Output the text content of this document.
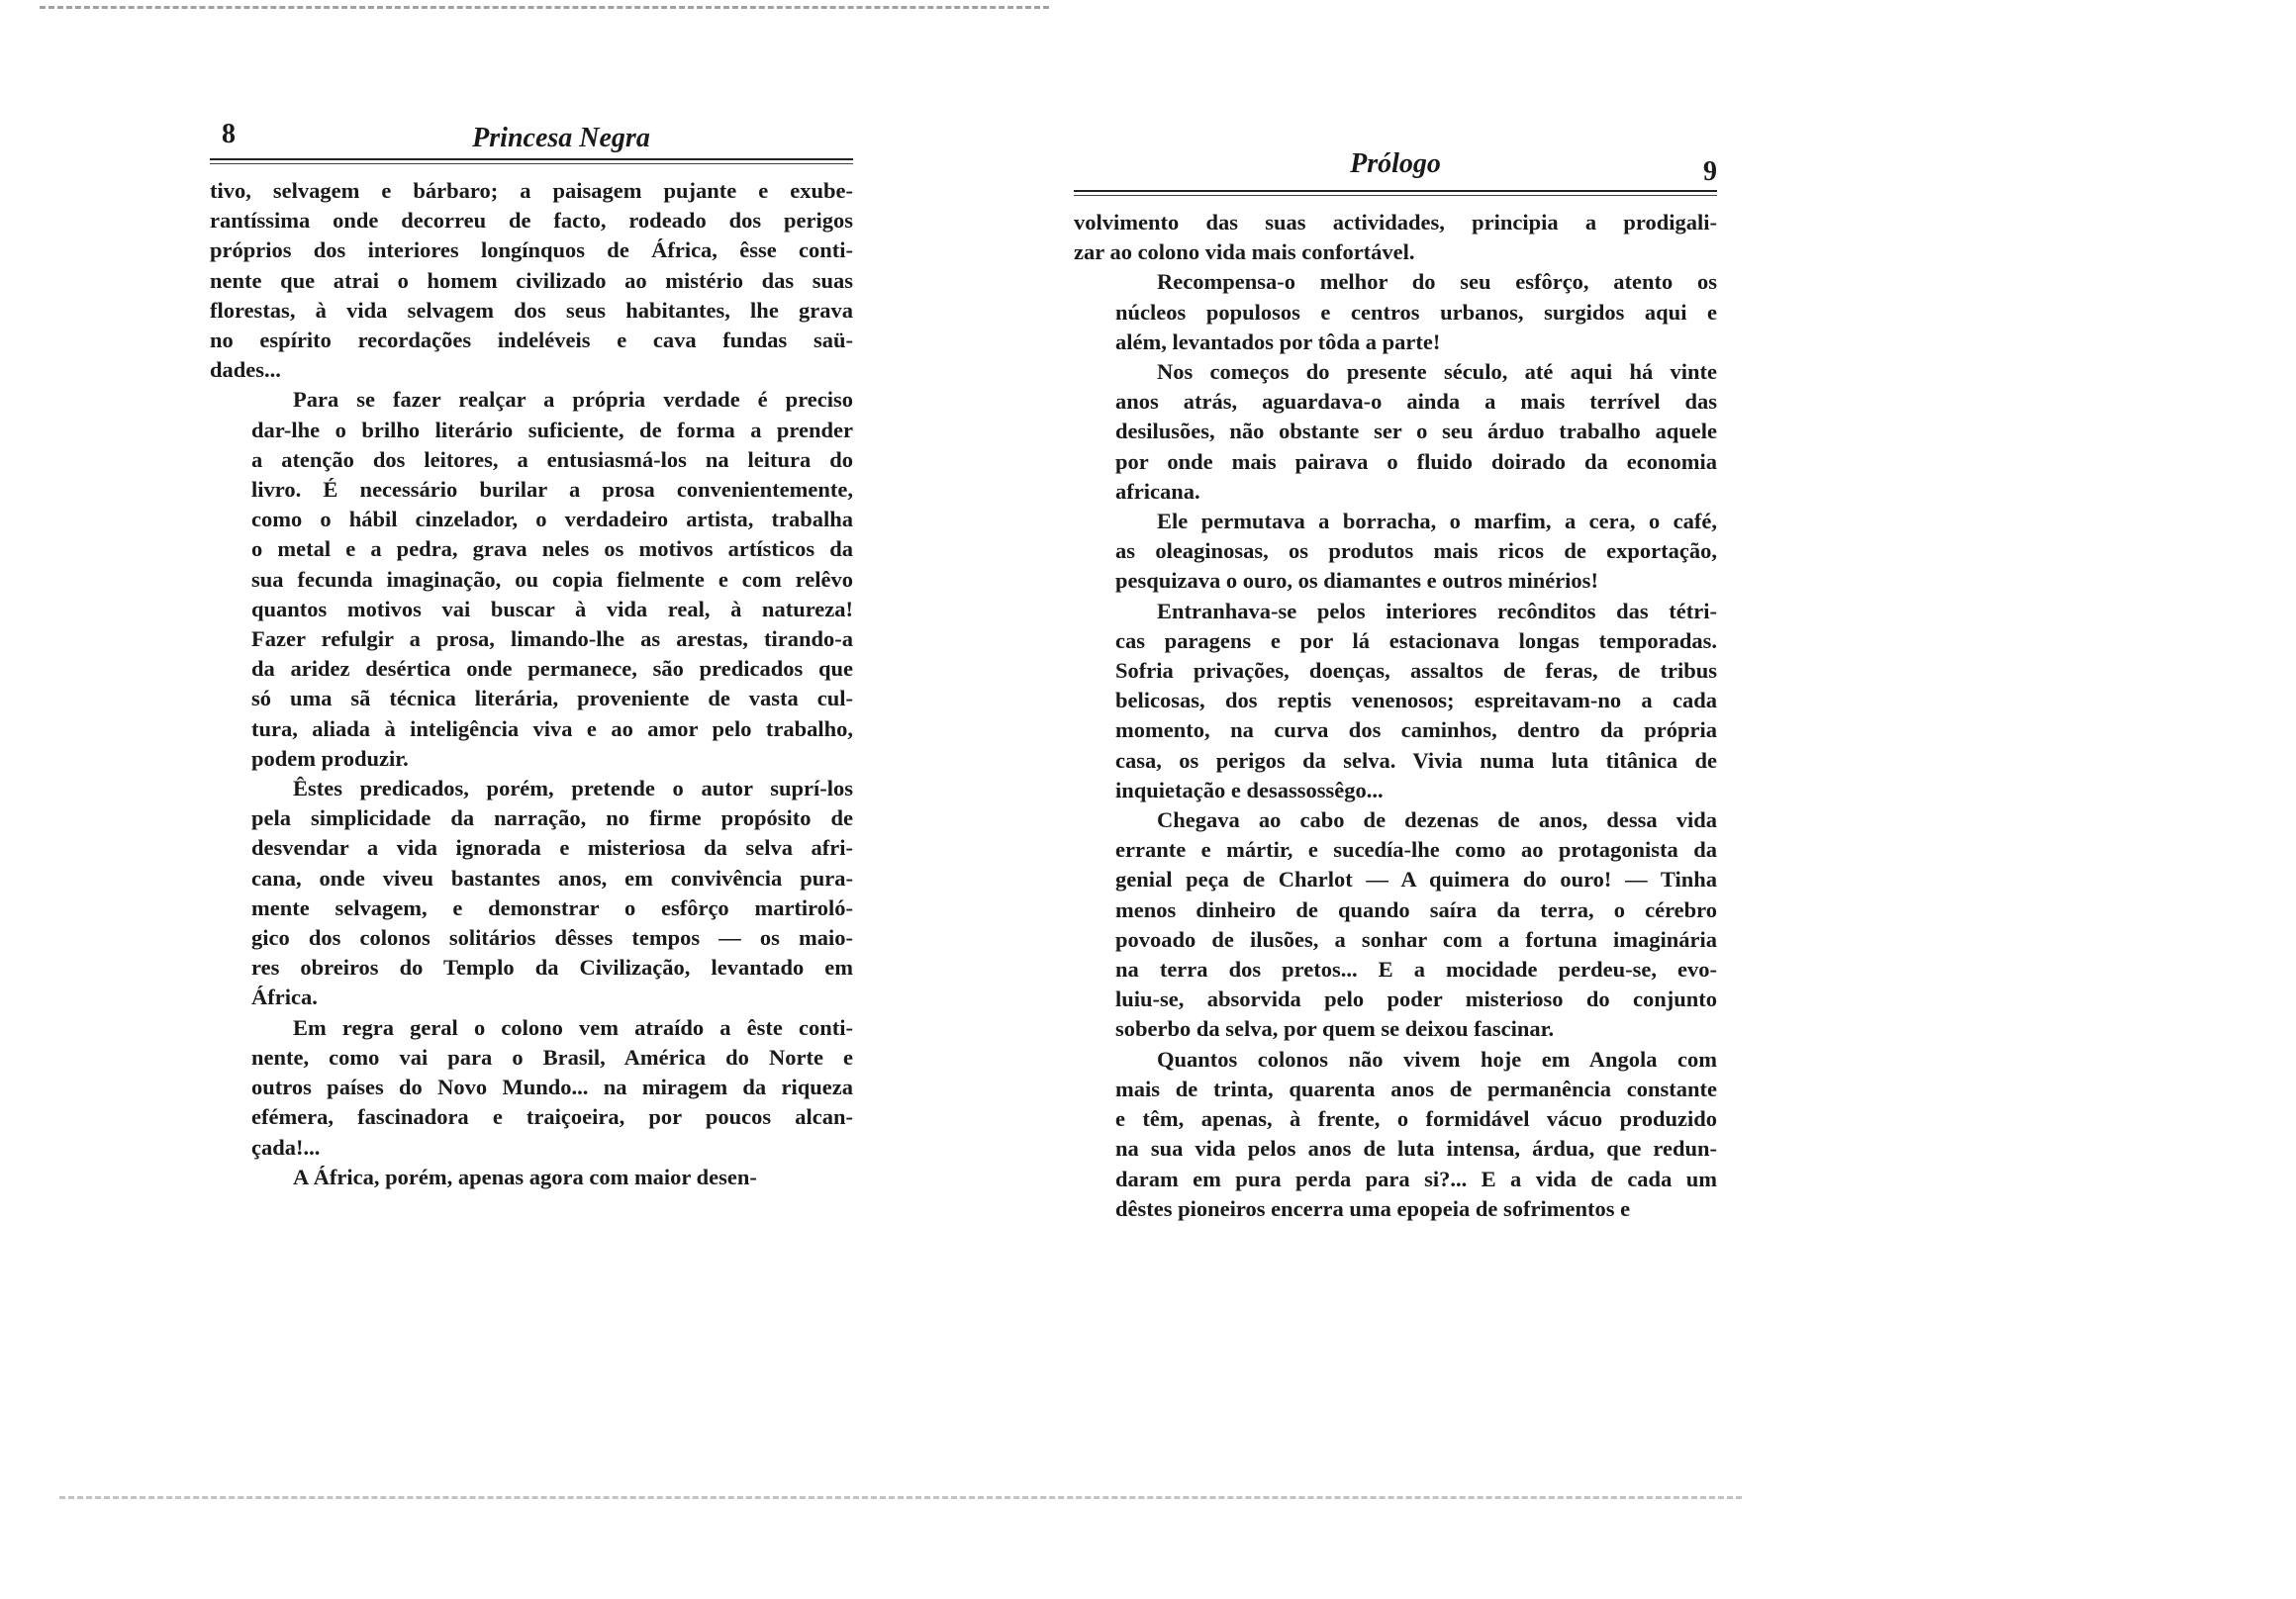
8	Princesa Negra

tivo, selvagem e bárbaro; a paisagem pujante e exube-
rantíssima onde decorreu de facto, rodeado dos perigos
próprios dos interiores longínquos de África, êsse conti-
nente que atrai o homem civilizado ao mistério das suas
florestas, à vida selvagem dos seus habitantes, lhe grava
no espírito recordações indeléveis e cava fundas saü-
dades...

Para se fazer realçar a própria verdade é preciso
dar-lhe o brilho literário suficiente, de forma a prender
a atenção dos leitores, a entusiasmá-los na leitura do
livro. É necessário burilar a prosa convenientemente,
como o hábil cinzelador, o verdadeiro artista, trabalha
o metal e a pedra, grava neles os motivos artísticos da
sua fecunda imaginação, ou copia fielmente e com relêvo
quantos motivos vai buscar à vida real, à natureza!
Fazer refulgir a prosa, limando-lhe as arestas, tirando-a
da aridez desértica onde permanece, são predicados que
só uma sã técnica literária, proveniente de vasta cul-
tura, aliada à inteligência viva e ao amor pelo trabalho,
podem produzir.

Êstes predicados, porém, pretende o autor suprí-los
pela simplicidade da narração, no firme propósito de
desvendar a vida ignorada e misteriosa da selva afri-
cana, onde viveu bastantes anos, em convivência pura-
mente selvagem, e demonstrar o esfôrço martiroló-
gico dos colonos solitários dêsses tempos — os maio-
res obreiros do Templo da Civilização, levantado em
África.

Em regra geral o colono vem atraído a êste conti-
nente, como vai para o Brasil, América do Norte e
outros países do Novo Mundo... na miragem da riqueza
efémera, fascinadora e traiçoeira, por poucos alcan-
çada!...

A África, porém, apenas agora com maior desen-

Prólogo	9

volvimento das suas actividades, principia a prodigali-
zar ao colono vida mais confortável.

Recompensa-o melhor do seu esfôrço, atento os
núcleos populosos e centros urbanos, surgidos aqui e
além, levantados por tôda a parte!

Nos começos do presente século, até aqui há vinte
anos atrás, aguardava-o ainda a mais terrível das
desilusões, não obstante ser o seu árduo trabalho aquele
por onde mais pairava o fluido doirado da economia
africana.

Ele permutava a borracha, o marfim, a cera, o café,
as oleaginosas, os produtos mais ricos de exportação,
pesquizava o ouro, os diamantes e outros minérios!

Entranhava-se pelos interiores recônditos das tétri-
cas paragens e por lá estacionava longas temporadas.
Sofria privações, doenças, assaltos de feras, de tribus
belicosas, dos reptis venenosos; espreitavam-no a cada
momento, na curva dos caminhos, dentro da própria
casa, os perigos da selva. Vivia numa luta titânica de
inquietação e desassossêgo...

Chegava ao cabo de dezenas de anos, dessa vida
errante e mártir, e sucedía-lhe como ao protagonista da
genial peça de Charlot — A quimera do ouro! — Tinha
menos dinheiro de quando saíra da terra, o cérebro
povoado de ilusões, a sonhar com a fortuna imaginária
na terra dos pretos... E a mocidade perdeu-se, evo-
luiu-se, absorvida pelo poder misterioso do conjunto
soberbo da selva, por quem se deixou fascinar.

Quantos colonos não vivem hoje em Angola com
mais de trinta, quarenta anos de permanência constante
e têm, apenas, à frente, o formidável vácuo produzido
na sua vida pelos anos de luta intensa, árdua, que redun-
daram em pura perda para si?... E a vida de cada um
dêstes pioneiros encerra uma epopeia de sofrimentos e
